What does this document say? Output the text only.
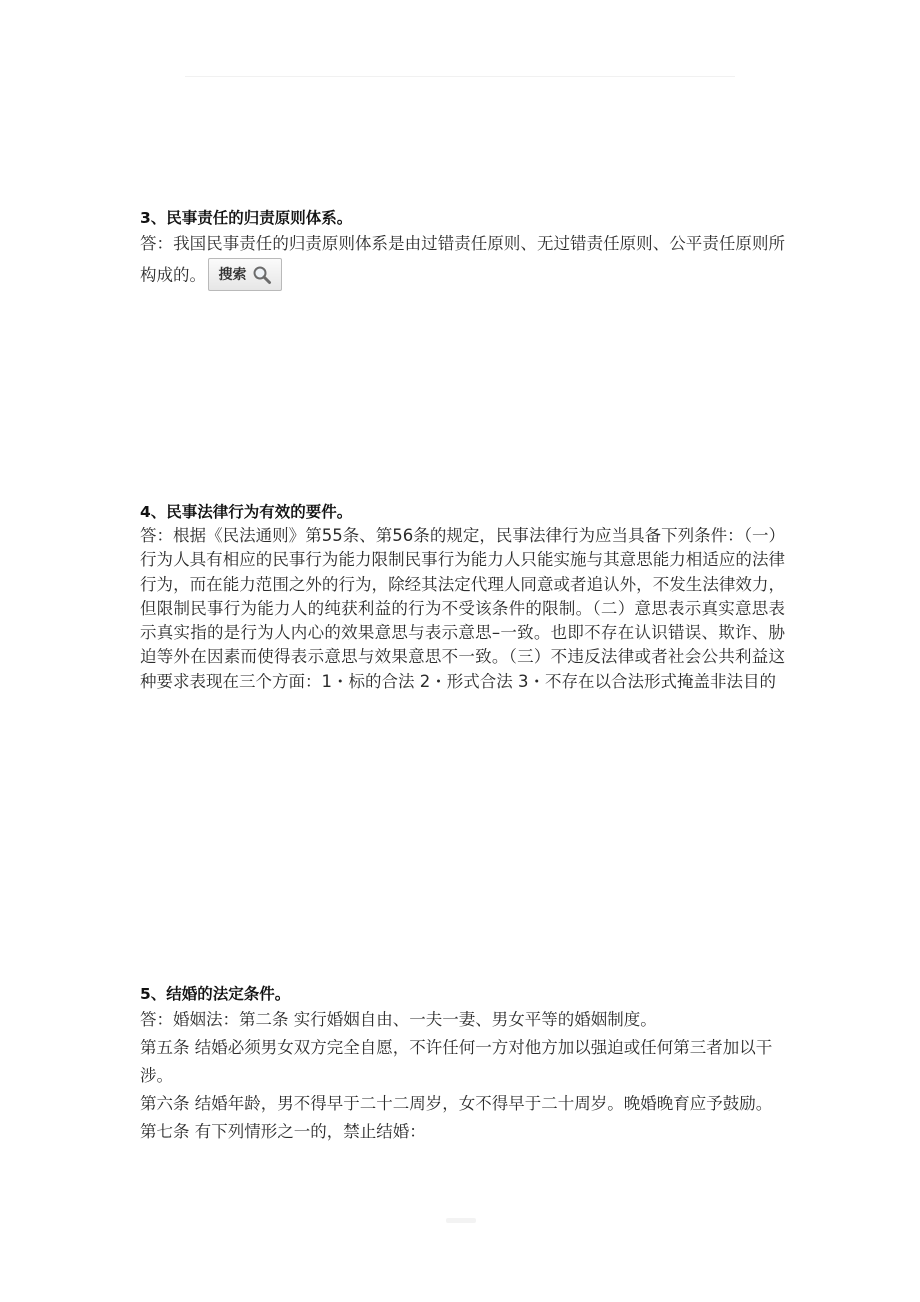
3、民事责任的归责原则体系。
答：我国民事责任的归责原则体系是由过错责任原则、无过错责任原则、公平责任原则所构成的。 搜索
4、民事法律行为有效的要件。
答：根据《民法通则》第55条、第56条的规定，民事法律行为应当具备下列条件：（一）行为人具有相应的民事行为能力限制民事行为能力人只能实施与其意思能力相适应的法律行为，而在能力范围之外的行为，除经其法定代理人同意或者追认外，不发生法律效力，但限制民事行为能力人的纯获利益的行为不受该条件的限制。（二）意思表示真实意思表示真实指的是行为人内心的效果意思与表示意思–一致。也即不存在认识错误、欺诈、胁迫等外在因素而使得表示意思与效果意思不一致。（三）不违反法律或者社会公共利益这种要求表现在三个方面：1・标的合法 2・形式合法 3・不存在以合法形式掩盖非法目的
5、结婚的法定条件。
答：婚姻法：第二条 实行婚姻自由、一夫一妻、男女平等的婚姻制度。
第五条 结婚必须男女双方完全自愿，不许任何一方对他方加以强迫或任何第三者加以干涉。
第六条 结婚年龄，男不得早于二十二周岁，女不得早于二十周岁。晚婚晚育应予鼓励。
第七条 有下列情形之一的，禁止结婚：
